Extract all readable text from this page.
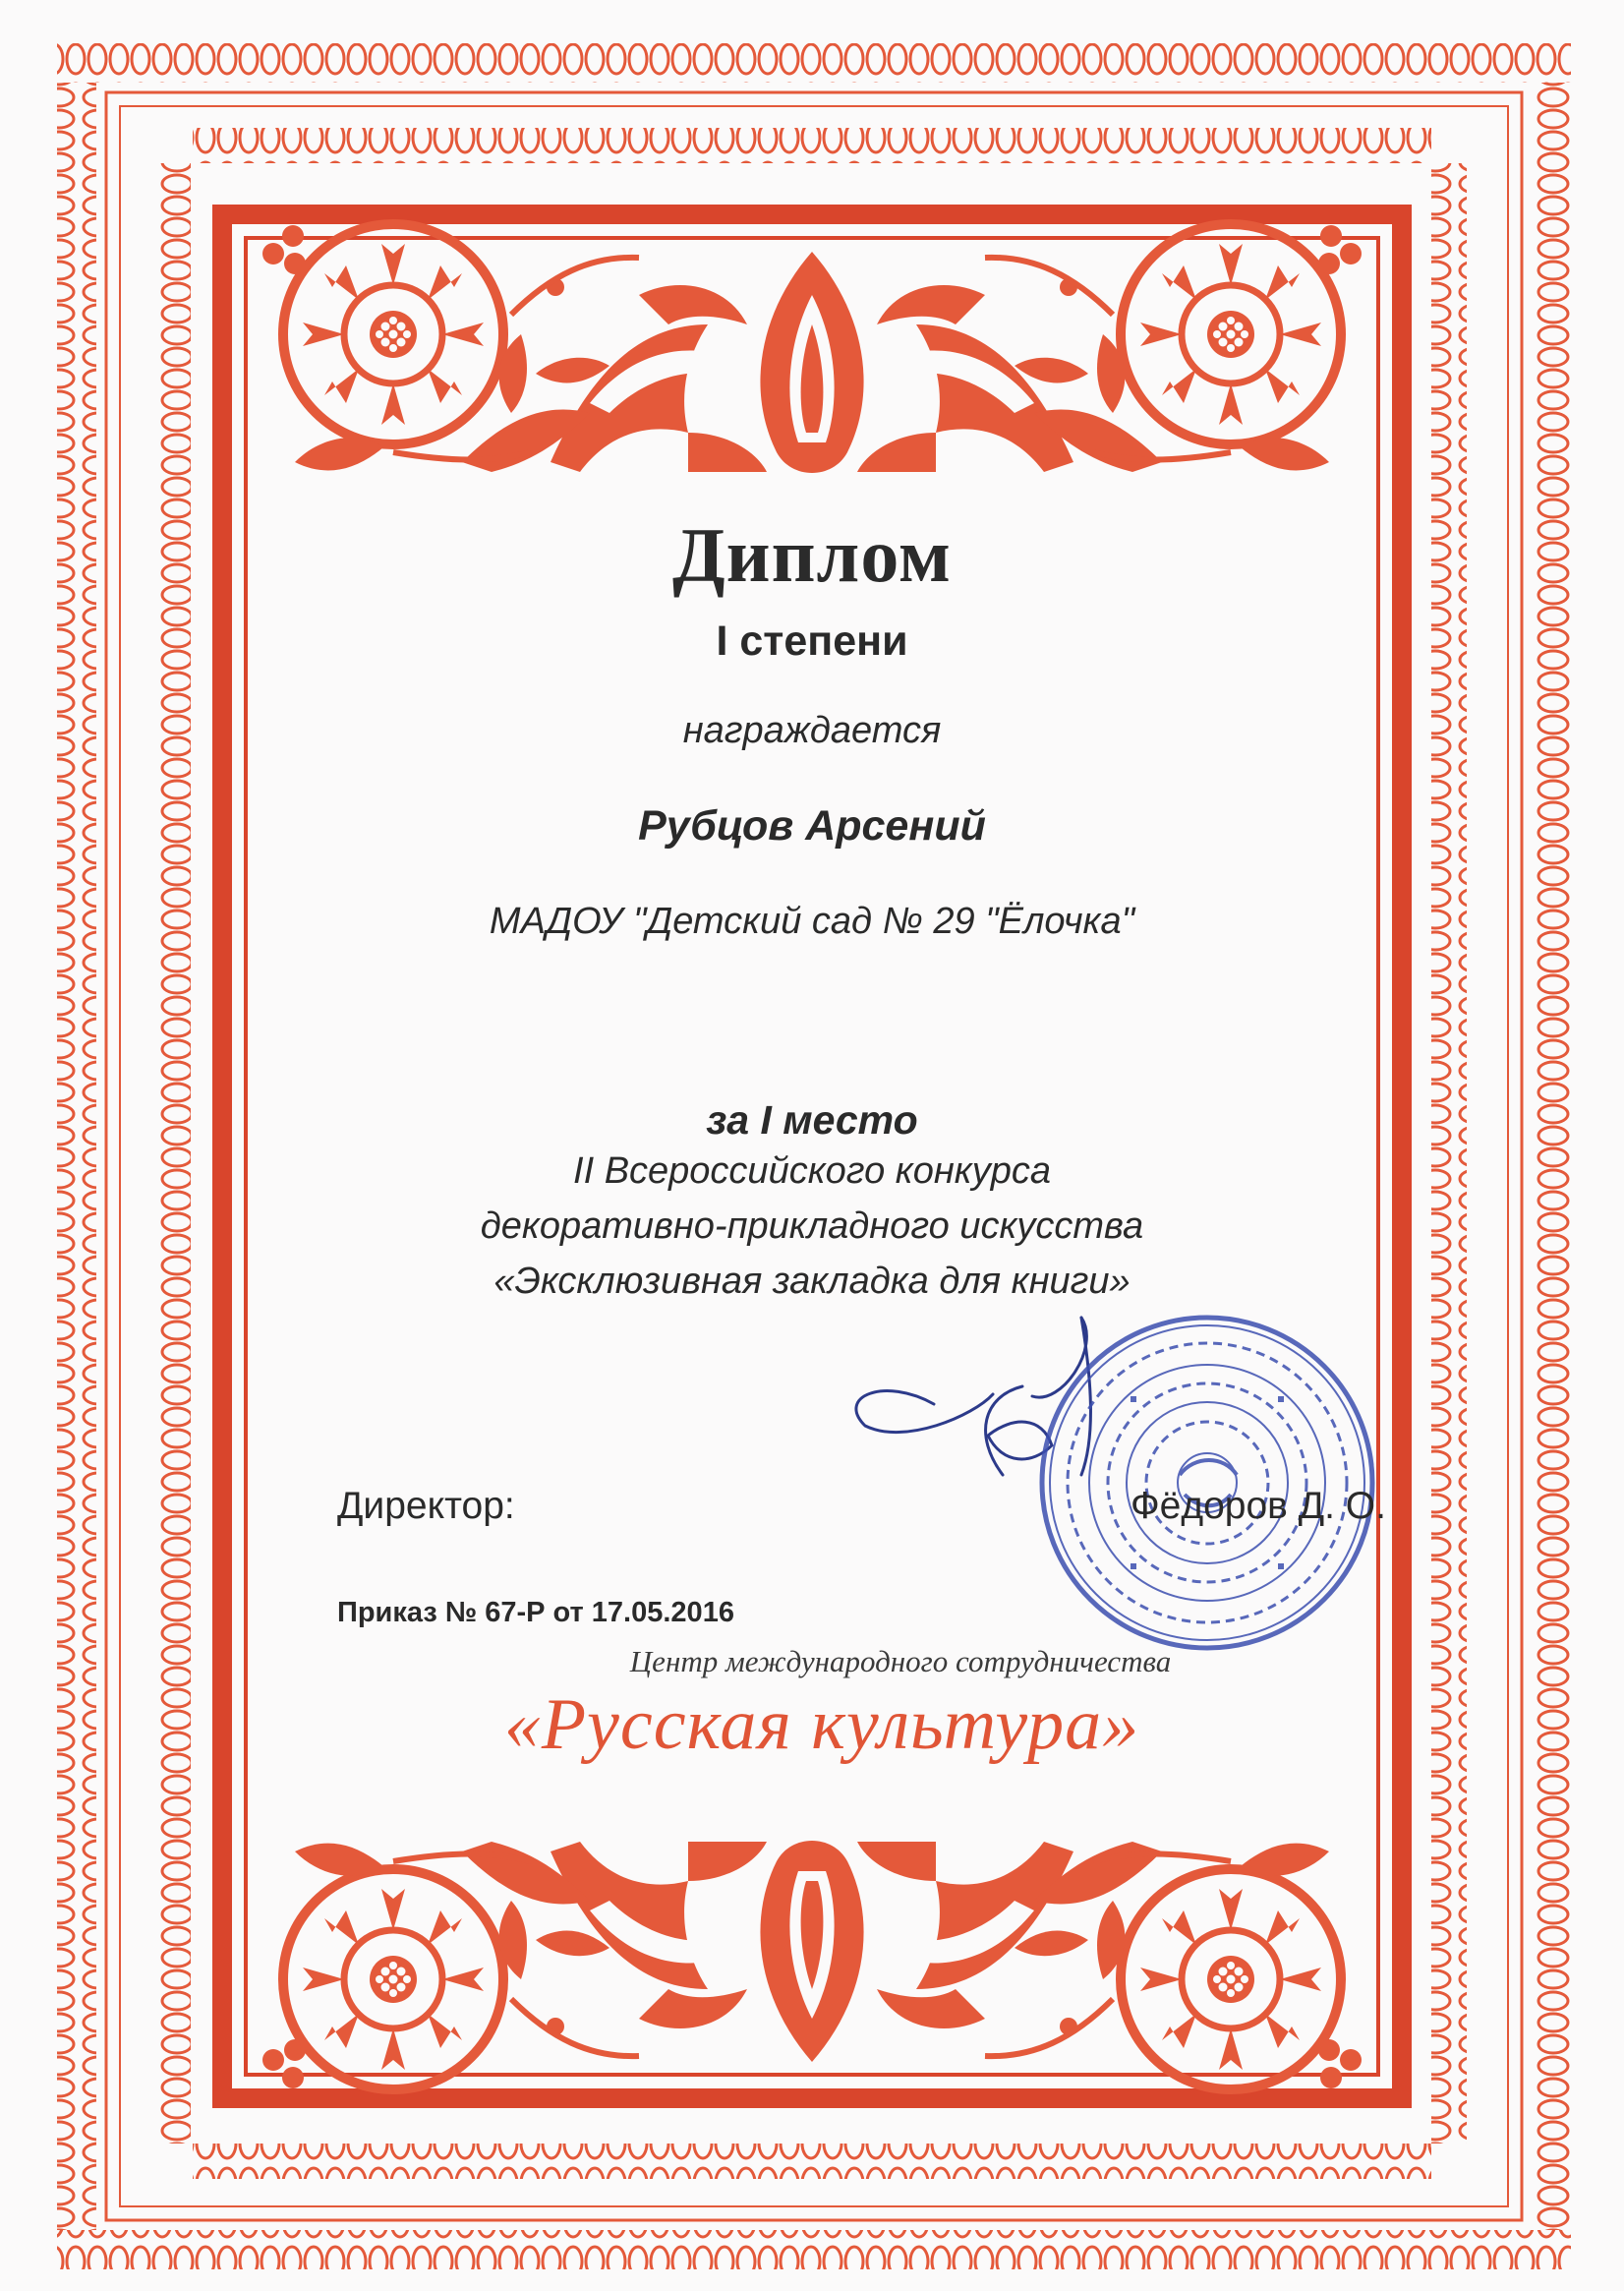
Диплом
I степени
награждается
Рубцов Арсений
МАДОУ "Детский сад № 29 "Ёлочка"
за I место
II Всероссийского конкурса
декоративно-прикладного искусства
«Эксклюзивная закладка для книги»
Директор:	Фёдоров Д. О.
Приказ № 67-Р от 17.05.2016
Центр международного сотрудничества
«Русская культура»
